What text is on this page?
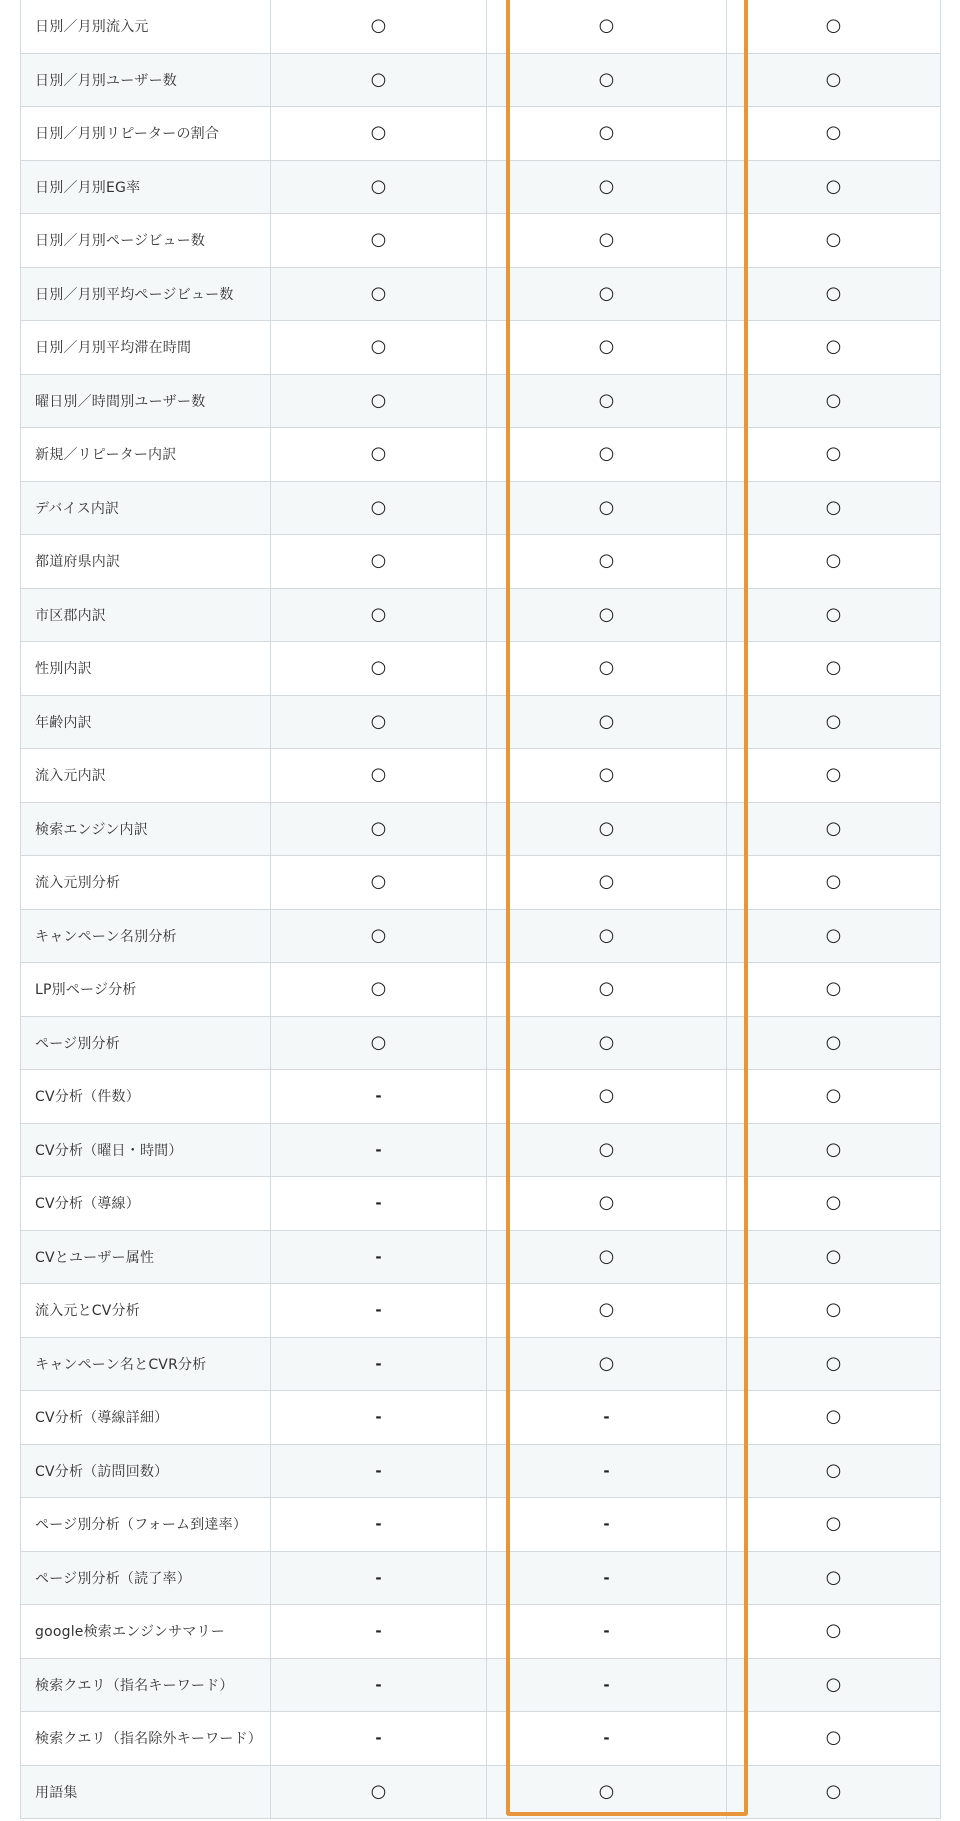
日別／月別流入元	○	○	○
日別／月別ユーザー数	○	○	○
日別／月別リピーターの割合	○	○	○
日別／月別EG率	○	○	○
日別／月別ページビュー数	○	○	○
日別／月別平均ページビュー数	○	○	○
日別／月別平均滞在時間	○	○	○
曜日別／時間別ユーザー数	○	○	○
新規／リピーター内訳	○	○	○
デバイス内訳	○	○	○
都道府県内訳	○	○	○
市区郡内訳	○	○	○
性別内訳	○	○	○
年齢内訳	○	○	○
流入元内訳	○	○	○
検索エンジン内訳	○	○	○
流入元別分析	○	○	○
キャンペーン名別分析	○	○	○
LP別ページ分析	○	○	○
ページ別分析	○	○	○
CV分析（件数）	-	○	○
CV分析（曜日・時間）	-	○	○
CV分析（導線）	-	○	○
CVとユーザー属性	-	○	○
流入元とCV分析	-	○	○
キャンペーン名とCVR分析	-	○	○
CV分析（導線詳細）	-	-	○
CV分析（訪問回数）	-	-	○
ページ別分析（フォーム到達率）	-	-	○
ページ別分析（読了率）	-	-	○
google検索エンジンサマリー	-	-	○
検索クエリ（指名キーワード）	-	-	○
検索クエリ（指名除外キーワード）	-	-	○
用語集	○	○	○
